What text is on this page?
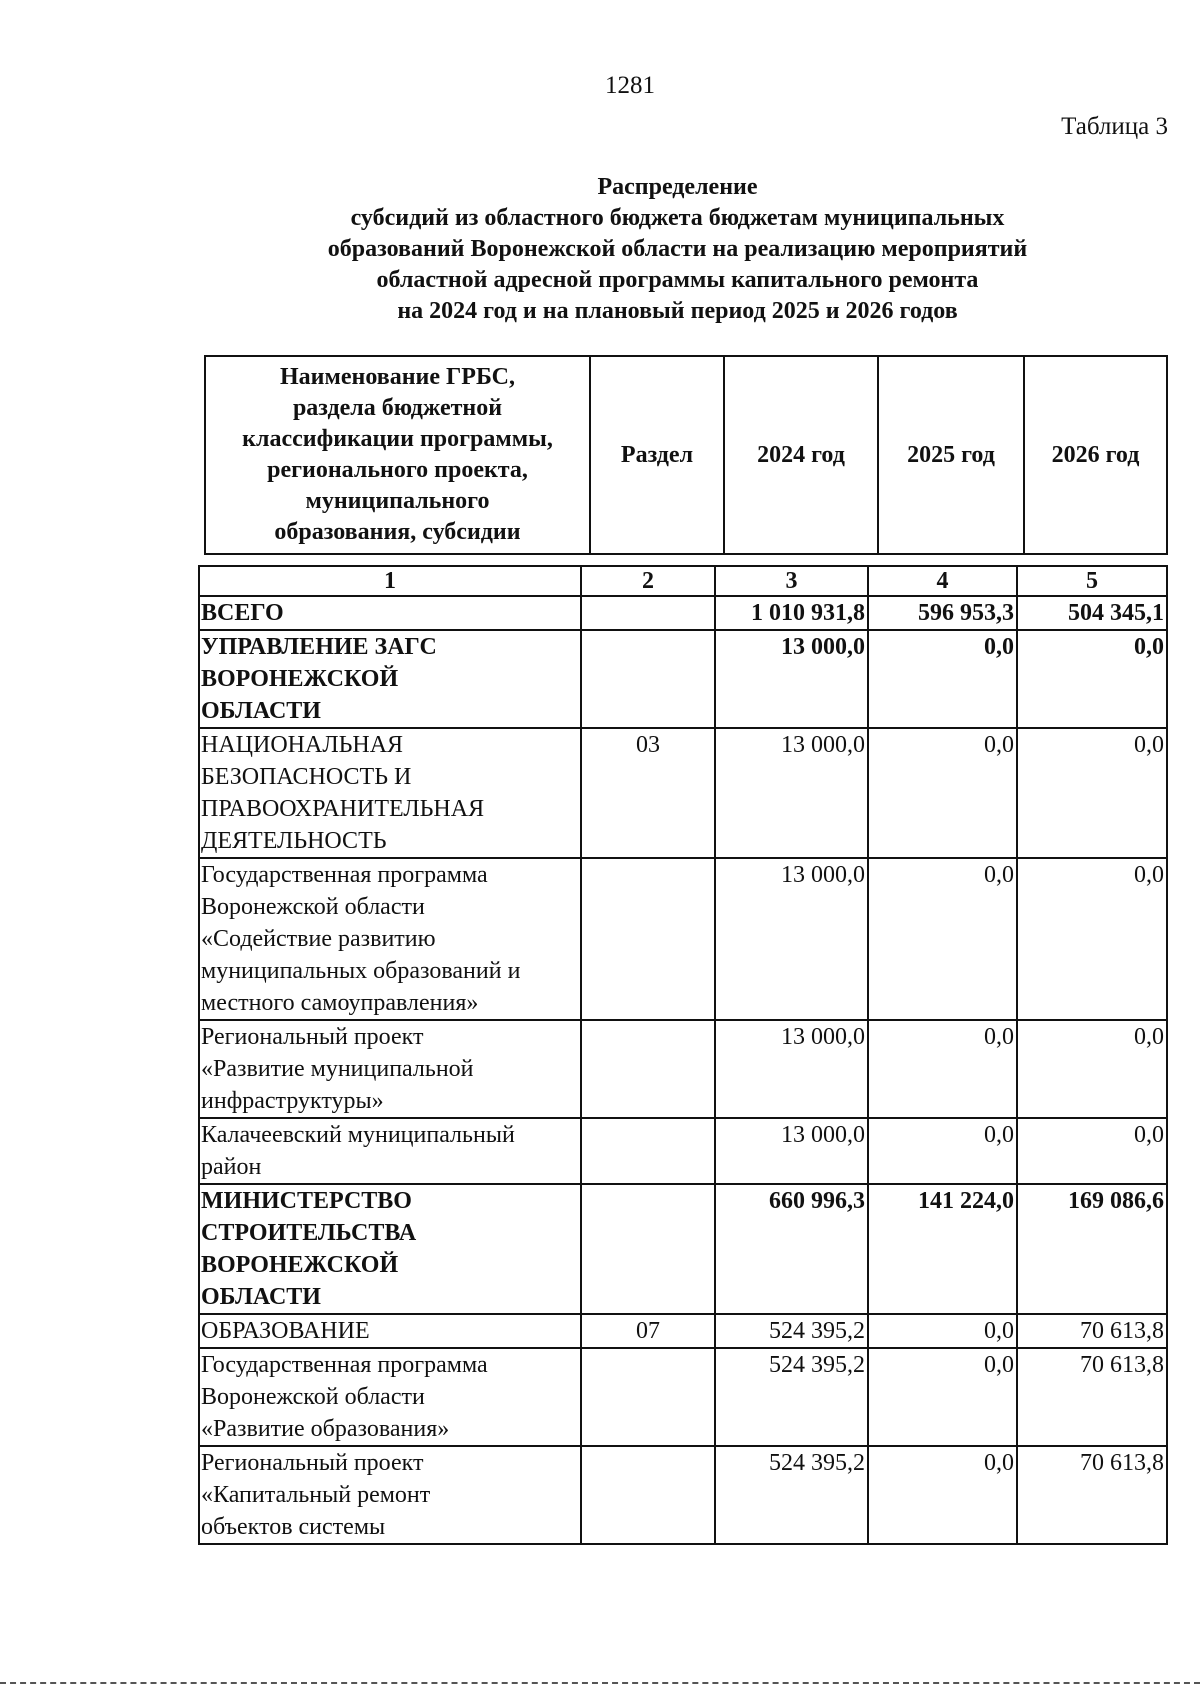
1281
Таблица 3
Распределение
субсидий из областного бюджета бюджетам муниципальных
образований Воронежской области на реализацию мероприятий
областной адресной программы капитального ремонта
на 2024 год и на плановый период 2025 и 2026 годов
Наименование ГРБС,
раздела бюджетной
классификации программы,
регионального проекта,
муниципального
образования, субсидии
	Раздел	2024 год	2025 год	2026 год
1	2	3	4	5

ВСЕГО		1 010 931,8	596 953,3	504 345,1

УПРАВЛЕНИЕ ЗАГС
ВОРОНЕЖСКОЙ
ОБЛАСТИ		13 000,0	0,0	0,0

НАЦИОНАЛЬНАЯ
БЕЗОПАСНОСТЬ И
ПРАВООХРАНИТЕЛЬНАЯ
ДЕЯТЕЛЬНОСТЬ	03	13 000,0	0,0	0,0

Государственная программа
Воронежской области
«Содействие развитию
муниципальных образований и
местного самоуправления»		13 000,0	0,0	0,0

Региональный проект
«Развитие муниципальной
инфраструктуры»		13 000,0	0,0	0,0

Калачеевский муниципальный
район		13 000,0	0,0	0,0

МИНИСТЕРСТВО
СТРОИТЕЛЬСТВА
ВОРОНЕЖСКОЙ
ОБЛАСТИ		660 996,3	141 224,0	169 086,6

ОБРАЗОВАНИЕ	07	524 395,2	0,0	70 613,8

Государственная программа
Воронежской области
«Развитие образования»		524 395,2	0,0	70 613,8

Региональный проект
«Капитальный ремонт
объектов системы		524 395,2	0,0	70 613,8
